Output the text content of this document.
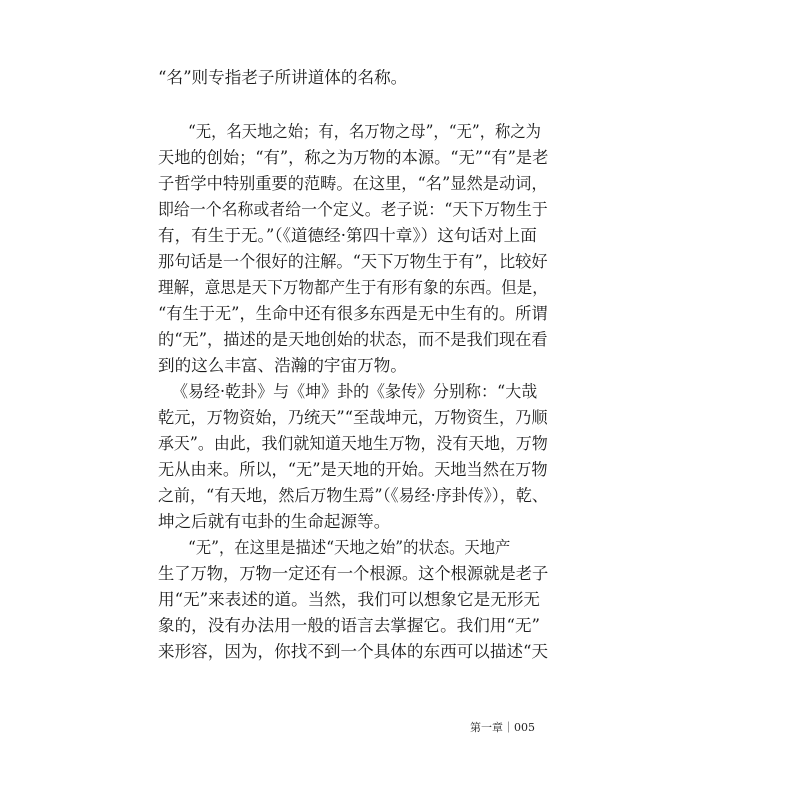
“名”则专指老子所讲道体的名称。
“无，名天地之始；有，名万物之母”，“无”，称之为
天地的创始；“有”，称之为万物的本源。“无”“有”是老
子哲学中特别重要的范畴。在这里，“名”显然是动词，
即给一个名称或者给一个定义。老子说：“天下万物生于
有，有生于无。”（《道德经·第四十章》）这句话对上面
那句话是一个很好的注解。“天下万物生于有”，比较好
理解，意思是天下万物都产生于有形有象的东西。但是，
“有生于无”，生命中还有很多东西是无中生有的。所谓
的“无”，描述的是天地创始的状态，而不是我们现在看
到的这么丰富、浩瀚的宇宙万物。
《易经·乾卦》与《坤》卦的《彖传》分别称：“大哉
乾元，万物资始，乃统天”“至哉坤元，万物资生，乃顺
承天”。由此，我们就知道天地生万物，没有天地，万物
无从由来。所以，“无”是天地的开始。天地当然在万物
之前，“有天地，然后万物生焉”（《易经·序卦传》），乾、
坤之后就有屯卦的生命起源等。
“无”，在这里是描述“天地之始”的状态。天地产
生了万物，万物一定还有一个根源。这个根源就是老子
用“无”来表述的道。当然，我们可以想象它是无形无
象的，没有办法用一般的语言去掌握它。我们用“无”
来形容，因为，你找不到一个具体的东西可以描述“天
第一章｜005
